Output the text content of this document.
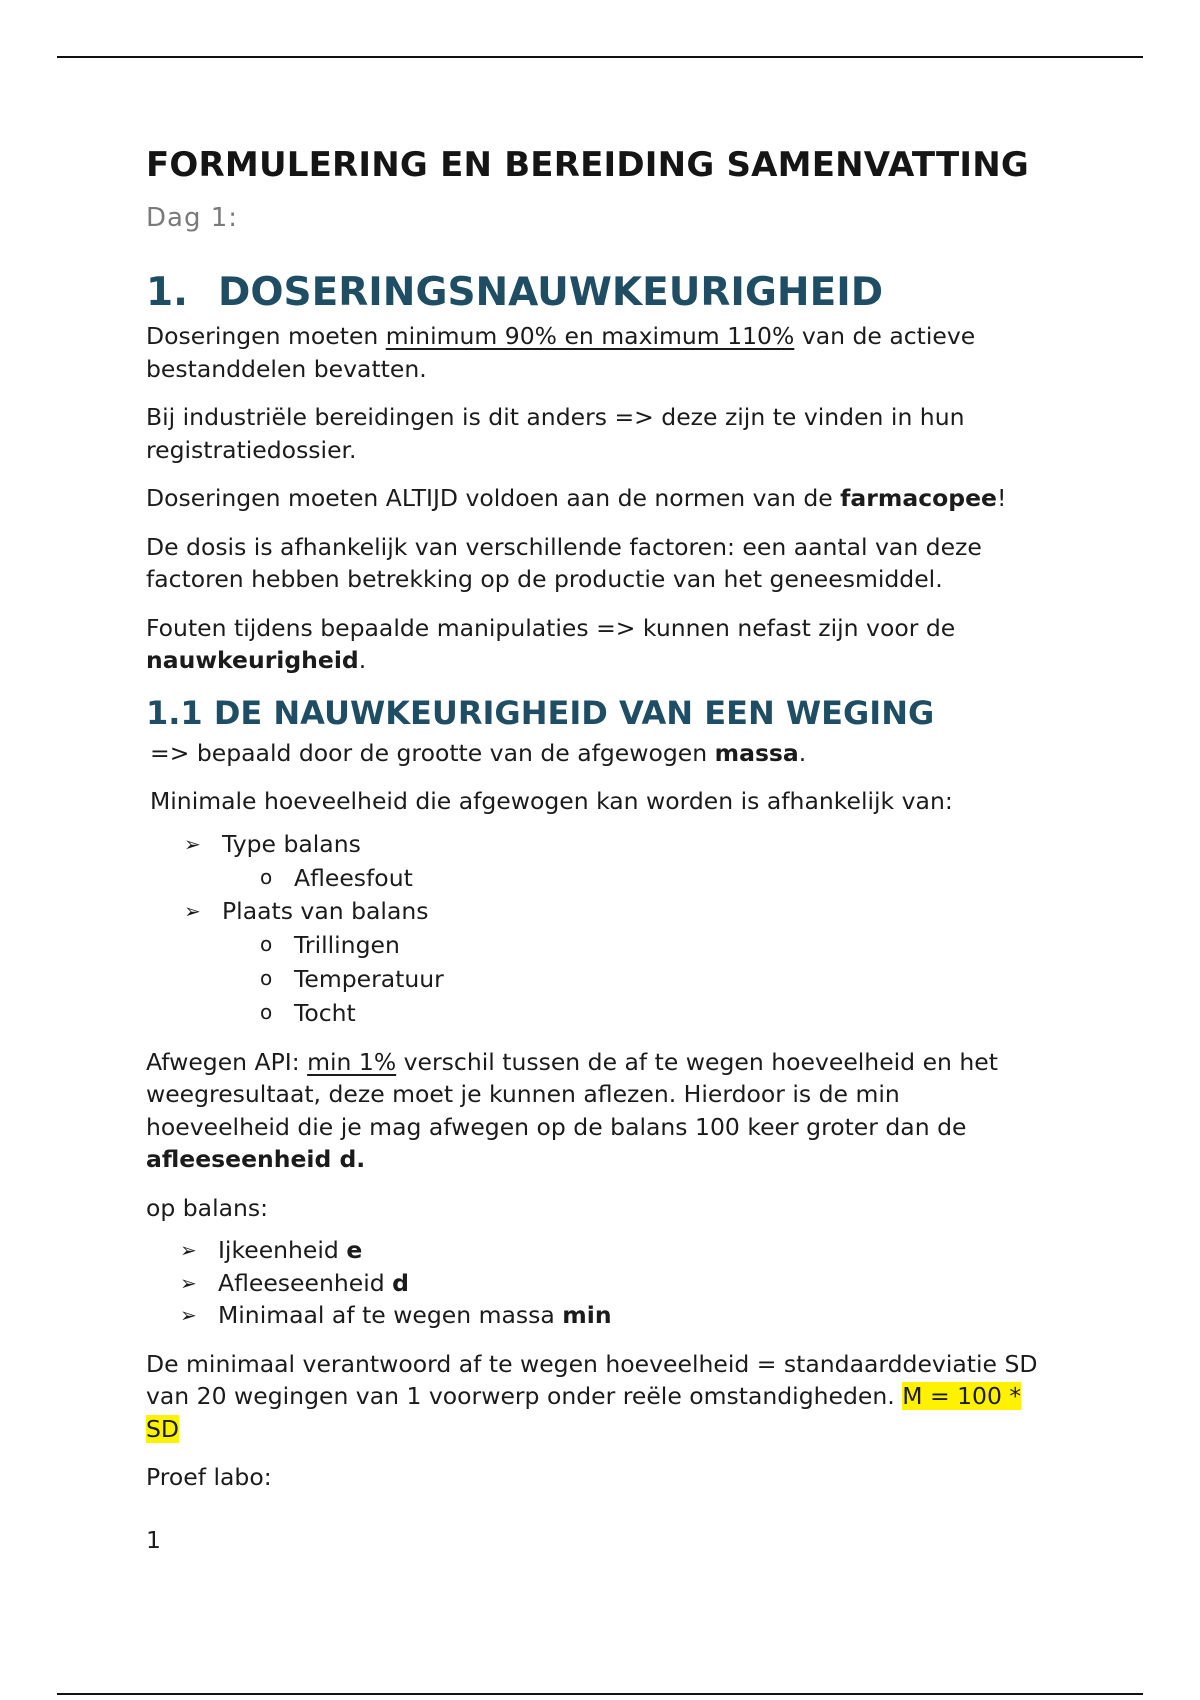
FORMULERING EN BEREIDING SAMENVATTING
Dag 1:
1. DOSERINGSNAUWKEURIGHEID

Doseringen moeten minimum 90% en maximum 110% van de actieve bestanddelen bevatten.

Bij industriële bereidingen is dit anders => deze zijn te vinden in hun registratiedossier.

Doseringen moeten ALTIJD voldoen aan de normen van de farmacopee!

De dosis is afhankelijk van verschillende factoren: een aantal van deze factoren hebben betrekking op de productie van het geneesmiddel.

Fouten tijdens bepaalde manipulaties => kunnen nefast zijn voor de nauwkeurigheid.

1.1 DE NAUWKEURIGHEID VAN EEN WEGING

=> bepaald door de grootte van de afgewogen massa.

Minimale hoeveelheid die afgewogen kan worden is afhankelijk van:

➢ Type balans
o Afleesfout
➢ Plaats van balans
o Trillingen
o Temperatuur
o Tocht

Afwegen API: min 1% verschil tussen de af te wegen hoeveelheid en het weegresultaat, deze moet je kunnen aflezen. Hierdoor is de min hoeveelheid die je mag afwegen op de balans 100 keer groter dan de afleeseenheid d.

op balans:

➢ Ijkeenheid e
➢ Afleeseenheid d
➢ Minimaal af te wegen massa min

De minimaal verantwoord af te wegen hoeveelheid = standaarddeviatie SD van 20 wegingen van 1 voorwerp onder reële omstandigheden. M = 100 * SD

Proef labo:

1
